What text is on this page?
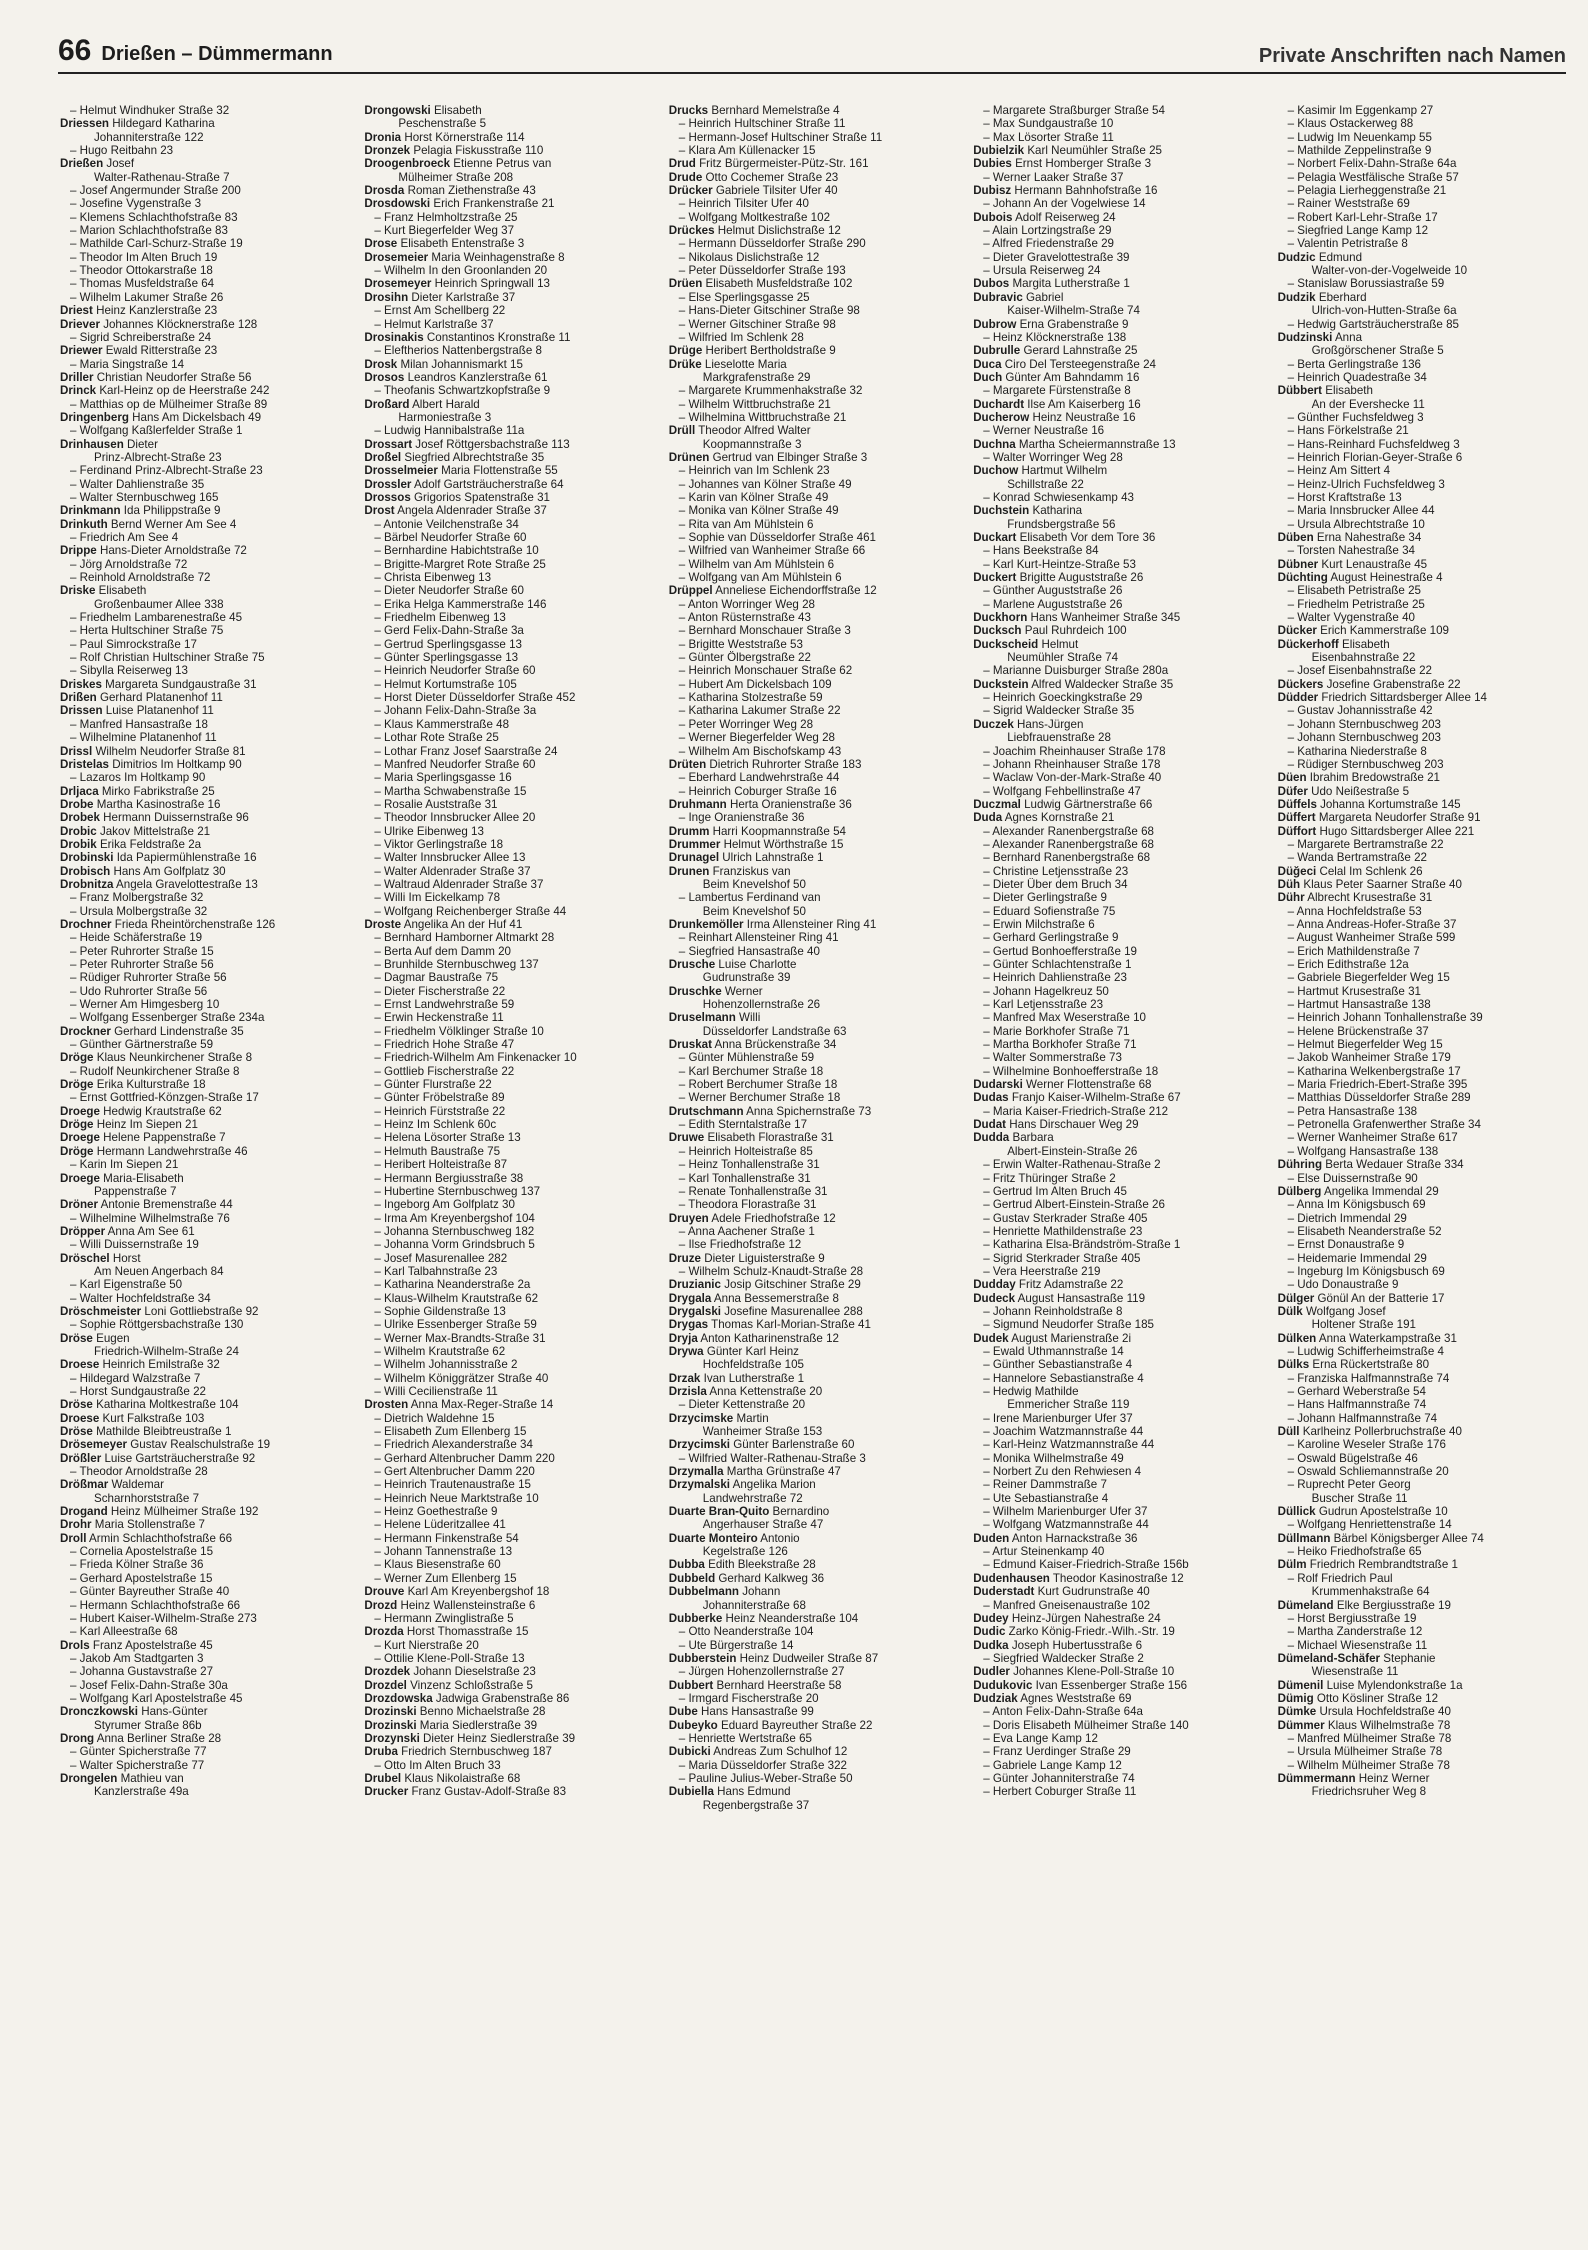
66 Drießen – Dümmermann	Private Anschriften nach Namen
– Helmut Windhuker Straße 32
Driessen Hildegard Katharina
Johanniterstraße 122
– Hugo Reitbahn 23
Drießen Josef
Walter-Rathenau-Straße 7
– Josef Angermunder Straße 200
– Josefine Vygenstraße 3
– Klemens Schlachthofstraße 83
– Marion Schlachthofstraße 83
– Mathilde Carl-Schurz-Straße 19
– Theodor Im Alten Bruch 19
– Theodor Ottokarstraße 18
– Thomas Musfeldstraße 64
– Wilhelm Lakumer Straße 26
Driest Heinz Kanzlerstraße 23
Driever Johannes Klöcknerstraße 128
– Sigrid Schreiberstraße 24
Driewer Ewald Ritterstraße 23
– Maria Singstraße 14
Driller Christian Neudorfer Straße 56
Drinck Karl-Heinz op de Heerstraße 242
– Matthias op de Mülheimer Straße 89
Dringenberg Hans Am Dickelsbach 49
– Wolfgang Kaßlerfelder Straße 1
Drinhausen Dieter
Prinz-Albrecht-Straße 23
– Ferdinand Prinz-Albrecht-Straße 23
– Walter Dahlienstraße 35
– Walter Sternbuschweg 165
Drinkmann Ida Philippstraße 9
Drinkuth Bernd Werner Am See 4
– Friedrich Am See 4
Drippe Hans-Dieter Arnoldstraße 72
– Jörg Arnoldstraße 72
– Reinhold Arnoldstraße 72
Driske Elisabeth
Großenbaumer Allee 338
– Friedhelm Lambarenestraße 45
– Herta Hultschiner Straße 75
– Paul Simrockstraße 17
– Rolf Christian Hultschiner Straße 75
– Sibylla Reiserweg 13
Driskes Margareta Sundgaustraße 31
Drißen Gerhard Platanenhof 11
Drissen Luise Platanenhof 11
– Manfred Hansastraße 18
– Wilhelmine Platanenhof 11
Drissl Wilhelm Neudorfer Straße 81
Dristelas Dimitrios Im Holtkamp 90
– Lazaros Im Holtkamp 90
Drljaca Mirko Fabrikstraße 25
Drobe Martha Kasinostraße 16
Drobek Hermann Duissernstraße 96
Drobic Jakov Mittelstraße 21
Drobik Erika Feldstraße 2a
Drobinski Ida Papiermühlenstraße 16
Drobisch Hans Am Golfplatz 30
Drobnitza Angela Gravelottestraße 13
– Franz Molbergstraße 32
– Ursula Molbergstraße 32
Drochner Frieda Rheintörchenstraße 126
– Heide Schäferstraße 19
– Peter Ruhrorter Straße 15
– Peter Ruhrorter Straße 56
– Rüdiger Ruhrorter Straße 56
– Udo Ruhrorter Straße 56
– Werner Am Himgesberg 10
– Wolfgang Essenberger Straße 234a
Drockner Gerhard Lindenstraße 35
– Günther Gärtnerstraße 59
Dröge Klaus Neunkirchener Straße 8
– Rudolf Neunkirchener Straße 8
Dröge Erika Kulturstraße 18
– Ernst Gottfried-Könzgen-Straße 17
Droege Hedwig Krautstraße 62
Dröge Heinz Im Siepen 21
Droege Helene Pappenstraße 7
Dröge Hermann Landwehrstraße 46
– Karin Im Siepen 21
Droege Maria-Elisabeth
Pappenstraße 7
Dröner Antonie Bremenstraße 44
– Wilhelmine Wilhelmstraße 76
Dröpper Anna Am See 61
– Willi Duissernstraße 19
Dröschel Horst
Am Neuen Angerbach 84
– Karl Eigenstraße 50
– Walter Hochfeldstraße 34
Dröschmeister Loni Gottliebstraße 92
– Sophie Röttgersbachstraße 130
Dröse Eugen
Friedrich-Wilhelm-Straße 24
Droese Heinrich Emilstraße 32
– Hildegard Walzstraße 7
– Horst Sundgaustraße 22
Dröse Katharina Moltkestraße 104
Droese Kurt Falkstraße 103
Dröse Mathilde Bleibtreustraße 1
Drösemeyer Gustav Realschulstraße 19
Drößler Luise Gartsträucherstraße 92
– Theodor Arnoldstraße 28
Drößmar Waldemar
Scharnhorststraße 7
Drogand Heinz Mülheimer Straße 192
Drohr Maria Stollenstraße 7
Droll Armin Schlachthofstraße 66
– Cornelia Apostelstraße 15
– Frieda Kölner Straße 36
– Gerhard Apostelstraße 15
– Günter Bayreuther Straße 40
– Hermann Schlachthofstraße 66
– Hubert Kaiser-Wilhelm-Straße 273
– Karl Alleestraße 68
Drols Franz Apostelstraße 45
– Jakob Am Stadtgarten 3
– Johanna Gustavstraße 27
– Josef Felix-Dahn-Straße 30a
– Wolfgang Karl Apostelstraße 45
Dronczkowski Hans-Günter
Styrumer Straße 86b
Drong Anna Berliner Straße 28
– Günter Spicherstraße 77
– Walter Spicherstraße 77
Drongelen Mathieu van
Kanzlerstraße 49a
Drongowski Elisabeth
Peschenstraße 5
Dronia Horst Körnerstraße 114
Dronzek Pelagia Fiskusstraße 110
Droogenbroeck Etienne Petrus van
Mülheimer Straße 208
Drosda Roman Ziethenstraße 43
Drosdowski Erich Frankenstraße 21
– Franz Helmholtzstraße 25
– Kurt Biegerfelder Weg 37
Drose Elisabeth Entenstraße 3
Drosemeier Maria Weinhagenstraße 8
– Wilhelm In den Groonlanden 20
Drosemeyer Heinrich Springwall 13
Drosihn Dieter Karlstraße 37
– Ernst Am Schellberg 22
– Helmut Karlstraße 37
Drosinakis Constantinos Kronstraße 11
– Eleftherios Nattenbergstraße 8
Drosk Milan Johannismarkt 15
Drosos Leandros Kanzlerstraße 61
– Theofanis Schwartzkopfstraße 9
Droßard Albert Harald
Harmoniestraße 3
– Ludwig Hannibalstraße 11a
Drossart Josef Röttgersbachstraße 113
Droßel Siegfried Albrechtstraße 35
Drosselmeier Maria Flottenstraße 55
Drossler Adolf Gartsträucherstraße 64
Drossos Grigorios Spatenstraße 31
Drost Angela Aldenrader Straße 37
– Antonie Veilchenstraße 34
– Bärbel Neudorfer Straße 60
– Bernhardine Habichtstraße 10
– Brigitte-Margret Rote Straße 25
– Christa Eibenweg 13
– Dieter Neudorfer Straße 60
– Erika Helga Kammerstraße 146
– Friedhelm Eibenweg 13
– Gerd Felix-Dahn-Straße 3a
– Gertrud Sperlingsgasse 13
– Günter Sperlingsgasse 13
– Heinrich Neudorfer Straße 60
– Helmut Kortumstraße 105
– Horst Dieter Düsseldorfer Straße 452
– Johann Felix-Dahn-Straße 3a
– Klaus Kammerstraße 48
– Lothar Rote Straße 25
– Lothar Franz Josef Saarstraße 24
– Manfred Neudorfer Straße 60
– Maria Sperlingsgasse 16
– Martha Schwabenstraße 15
– Rosalie Auststraße 31
– Theodor Innsbrucker Allee 20
– Ulrike Eibenweg 13
– Viktor Gerlingstraße 18
– Walter Innsbrucker Allee 13
– Walter Aldenrader Straße 37
– Waltraud Aldenrader Straße 37
– Willi Im Eickelkamp 78
– Wolfgang Reichenberger Straße 44
Droste Angelika An der Huf 41
– Bernhard Hamborner Altmarkt 28
– Berta Auf dem Damm 20
– Brunhilde Sternbuschweg 137
– Dagmar Baustraße 75
– Dieter Fischerstraße 22
– Ernst Landwehrstraße 59
– Erwin Heckenstraße 11
– Friedhelm Völklinger Straße 10
– Friedrich Hohe Straße 47
– Friedrich-Wilhelm Am Finkenacker 10
– Gottlieb Fischerstraße 22
– Günter Flurstraße 22
– Günter Fröbelstraße 89
– Heinrich Fürststraße 22
– Heinz Im Schlenk 60c
– Helena Lösorter Straße 13
– Helmuth Baustraße 75
– Heribert Holteistraße 87
– Hermann Bergiusstraße 38
– Hubertine Sternbuschweg 137
– Ingeborg Am Golfplatz 30
– Irma Am Kreyenbergshof 104
– Johanna Sternbuschweg 182
– Johanna Vorm Grindsbruch 5
– Josef Masurenallee 282
– Karl Talbahnstraße 23
– Katharina Neanderstraße 2a
– Klaus-Wilhelm Krautstraße 62
– Sophie Gildenstraße 13
– Ulrike Essenberger Straße 59
– Werner Max-Brandts-Straße 31
– Wilhelm Krautstraße 62
– Wilhelm Johannisstraße 2
– Wilhelm Königgrätzer Straße 40
– Willi Cecilienstraße 11
Drosten Anna Max-Reger-Straße 14
– Dietrich Waldehne 15
– Elisabeth Zum Ellenberg 15
– Friedrich Alexanderstraße 34
– Gerhard Altenbrucher Damm 220
– Gert Altenbrucher Damm 220
– Heinrich Trautenaustraße 15
– Heinrich Neue Marktstraße 10
– Heinz Goethestraße 9
– Helene Lüderitzallee 41
– Hermann Finkenstraße 54
– Johann Tannenstraße 13
– Klaus Biesenstraße 60
– Werner Zum Ellenberg 15
Drouve Karl Am Kreyenbergshof 18
Drozd Heinz Wallensteinstraße 6
– Hermann Zwinglistraße 5
Drozda Horst Thomasstraße 15
– Kurt Nierstraße 20
– Ottilie Klene-Poll-Straße 13
Drozdek Johann Dieselstraße 23
Drozdel Vinzenz Schloßstraße 5
Drozdowska Jadwiga Grabenstraße 86
Drozinski Benno Michaelstraße 28
Drozinski Maria Siedlerstraße 39
Drozynski Dieter Heinz Siedlerstraße 39
Druba Friedrich Sternbuschweg 187
– Otto Im Alten Bruch 33
Drubel Klaus Nikolaistraße 68
Drucker Franz Gustav-Adolf-Straße 83
Drucks Bernhard Memelstraße 4
– Heinrich Hultschiner Straße 11
– Hermann-Josef Hultschiner Straße 11
– Klara Am Küllenacker 15
Drud Fritz Bürgermeister-Pütz-Str. 161
Drude Otto Cochemer Straße 23
Drücker Gabriele Tilsiter Ufer 40
– Heinrich Tilsiter Ufer 40
– Wolfgang Moltkestraße 102
Drückes Helmut Dislichstraße 12
– Hermann Düsseldorfer Straße 290
– Nikolaus Dislichstraße 12
– Peter Düsseldorfer Straße 193
Drüen Elisabeth Musfeldstraße 102
– Else Sperlingsgasse 25
– Hans-Dieter Gitschiner Straße 98
– Werner Gitschiner Straße 98
– Wilfried Im Schlenk 28
Drüge Heribert Bertholdstraße 9
Drüke Lieselotte Maria
Markgrafenstraße 29
– Margarete Krummenhakstraße 32
– Wilhelm Wittbruchstraße 21
– Wilhelmina Wittbruchstraße 21
Drüll Theodor Alfred Walter
Koopmannstraße 3
Drünen Gertrud van Elbinger Straße 3
– Heinrich van Im Schlenk 23
– Johannes van Kölner Straße 49
– Karin van Kölner Straße 49
– Monika van Kölner Straße 49
– Rita van Am Mühlstein 6
– Sophie van Düsseldorfer Straße 461
– Wilfried van Wanheimer Straße 66
– Wilhelm van Am Mühlstein 6
– Wolfgang van Am Mühlstein 6
Drüppel Anneliese Eichendorffstraße 12
– Anton Worringer Weg 28
– Anton Rüsternstraße 43
– Bernhard Monschauer Straße 3
– Brigitte Weststraße 53
– Günter Ölbergstraße 22
– Heinrich Monschauer Straße 62
– Hubert Am Dickelsbach 109
– Katharina Stolzestraße 59
– Katharina Lakumer Straße 22
– Peter Worringer Weg 28
– Werner Biegerfelder Weg 28
– Wilhelm Am Bischofskamp 43
Drüten Dietrich Ruhrorter Straße 183
– Eberhard Landwehrstraße 44
– Heinrich Coburger Straße 16
Druhmann Herta Oranienstraße 36
– Inge Oranienstraße 36
Drumm Harri Koopmannstraße 54
Drummer Helmut Wörthstraße 15
Drunagel Ulrich Lahnstraße 1
Drunen Franziskus van
Beim Knevelshof 50
– Lambertus Ferdinand van
Beim Knevelshof 50
Drunkemöller Irma Allensteiner Ring 41
– Reinhart Allensteiner Ring 41
– Siegfried Hansastraße 40
Drusche Luise Charlotte
Gudrunstraße 39
Druschke Werner
Hohenzollernstraße 26
Druselmann Willi
Düsseldorfer Landstraße 63
Druskat Anna Brückenstraße 34
– Günter Mühlenstraße 59
– Karl Berchumer Straße 18
– Robert Berchumer Straße 18
– Werner Berchumer Straße 18
Drutschmann Anna Spichernstraße 73
– Edith Sterntalstraße 17
Druwe Elisabeth Florastraße 31
– Heinrich Holteistraße 85
– Heinz Tonhallenstraße 31
– Karl Tonhallenstraße 31
– Renate Tonhallenstraße 31
– Theodora Florastraße 31
Druyen Adele Friedhofstraße 12
– Anna Aachener Straße 1
– Ilse Friedhofstraße 12
Druze Dieter Liguisterstraße 9
– Wilhelm Schulz-Knaudt-Straße 28
Druzianic Josip Gitschiner Straße 29
Drygala Anna Bessemerstraße 8
Drygalski Josefine Masurenallee 288
Drygas Thomas Karl-Morian-Straße 41
Dryja Anton Katharinenstraße 12
Drywa Günter Karl Heinz
Hochfeldstraße 105
Drzak Ivan Lutherstraße 1
Drzisla Anna Kettenstraße 20
– Dieter Kettenstraße 20
Drzycimske Martin
Wanheimer Straße 153
Drzycimski Günter Barlenstraße 60
– Wilfried Walter-Rathenau-Straße 3
Drzymalla Martha Grünstraße 47
Drzymalski Angelika Marion
Landwehrstraße 72
Duarte Bran-Quito Bernardino
Angerhauser Straße 47
Duarte Monteiro Antonio
Kegelstraße 126
Dubba Edith Bleekstraße 28
Dubbeld Gerhard Kalkweg 36
Dubbelmann Johann
Johanniterstraße 68
Dubberke Heinz Neanderstraße 104
– Otto Neanderstraße 104
– Ute Bürgerstraße 14
Dubberstein Heinz Dudweiler Straße 87
– Jürgen Hohenzollernstraße 27
Dubbert Bernhard Heerstraße 58
– Irmgard Fischerstraße 20
Dube Hans Hansastraße 99
Dubeyko Eduard Bayreuther Straße 22
– Henriette Wertstraße 65
Dubicki Andreas Zum Schulhof 12
– Maria Düsseldorfer Straße 322
– Pauline Julius-Weber-Straße 50
Dubiella Hans Edmund
Regenbergstraße 37
– Margarete Straßburger Straße 54
– Max Sundgaustraße 10
– Max Lösorter Straße 11
Dubielzik Karl Neumühler Straße 25
Dubies Ernst Homberger Straße 3
– Werner Laaker Straße 37
Dubisz Hermann Bahnhofstraße 16
– Johann An der Vogelwiese 14
Dubois Adolf Reiserweg 24
– Alain Lortzingstraße 29
– Alfred Friedenstraße 29
– Dieter Gravelottestraße 39
– Ursula Reiserweg 24
Dubos Margita Lutherstraße 1
Dubravic Gabriel
Kaiser-Wilhelm-Straße 74
Dubrow Erna Grabenstraße 9
– Heinz Klöcknerstraße 138
Dubrulle Gerard Lahnstraße 25
Duca Ciro Del Tersteegenstraße 24
Duch Günter Am Bahndamm 16
– Margarete Fürstenstraße 8
Duchardt Ilse Am Kaiserberg 16
Ducherow Heinz Neustraße 16
– Werner Neustraße 16
Duchna Martha Scheiermannstraße 13
– Walter Worringer Weg 28
Duchow Hartmut Wilhelm
Schillstraße 22
– Konrad Schwiesenkamp 43
Duchstein Katharina
Frundsbergstraße 56
Duckart Elisabeth Vor dem Tore 36
– Hans Beekstraße 84
– Karl Kurt-Heintze-Straße 53
Duckert Brigitte Auguststraße 26
– Günther Auguststraße 26
– Marlene Auguststraße 26
Duckhorn Hans Wanheimer Straße 345
Ducksch Paul Ruhrdeich 100
Duckscheid Helmut
Neumühler Straße 74
– Marianne Duisburger Straße 280a
Duckstein Alfred Waldecker Straße 35
– Heinrich Goeckingkstraße 29
– Sigrid Waldecker Straße 35
Duczek Hans-Jürgen
Liebfrauenstraße 28
– Joachim Rheinhauser Straße 178
– Johann Rheinhauser Straße 178
– Waclaw Von-der-Mark-Straße 40
– Wolfgang Fehbellinstraße 47
Duczmal Ludwig Gärtnerstraße 66
Duda Agnes Kornstraße 21
– Alexander Ranenbergstraße 68
– Alexander Ranenbergstraße 68
– Bernhard Ranenbergstraße 68
– Christine Letjensstraße 23
– Dieter Über dem Bruch 34
– Dieter Gerlingstraße 9
– Eduard Sofienstraße 75
– Erwin Milchstraße 6
– Gerhard Gerlingstraße 9
– Gertud Bonhoefferstraße 19
– Günter Schlachtenstraße 1
– Heinrich Dahlienstraße 23
– Johann Hagelkreuz 50
– Karl Letjensstraße 23
– Manfred Max Weserstraße 10
– Marie Borkhofer Straße 71
– Martha Borkhofer Straße 71
– Walter Sommerstraße 73
– Wilhelmine Bonhoefferstraße 18
Dudarski Werner Flottenstraße 68
Dudas Franjo Kaiser-Wilhelm-Straße 67
– Maria Kaiser-Friedrich-Straße 212
Dudat Hans Dirschauer Weg 29
Dudda Barbara
Albert-Einstein-Straße 26
– Erwin Walter-Rathenau-Straße 2
– Fritz Thüringer Straße 2
– Gertrud Im Alten Bruch 45
– Gertrud Albert-Einstein-Straße 26
– Gustav Sterkrader Straße 405
– Henriette Mathildenstraße 23
– Katharina Elsa-Brändström-Straße 1
– Sigrid Sterkrader Straße 405
– Vera Heerstraße 219
Dudday Fritz Adamstraße 22
Dudeck August Hansastraße 119
– Johann Reinholdstraße 8
– Sigmund Neudorfer Straße 185
Dudek August Marienstraße 2i
– Ewald Uthmannstraße 14
– Günther Sebastianstraße 4
– Hannelore Sebastianstraße 4
– Hedwig Mathilde
Emmericher Straße 119
– Irene Marienburger Ufer 37
– Joachim Watzmannstraße 44
– Karl-Heinz Watzmannstraße 44
– Monika Wilhelmstraße 49
– Norbert Zu den Rehwiesen 4
– Reiner Dammstraße 7
– Ute Sebastianstraße 4
– Wilhelm Marienburger Ufer 37
– Wolfgang Watzmannstraße 44
Duden Anton Harnackstraße 36
– Artur Steinenkamp 40
– Edmund Kaiser-Friedrich-Straße 156b
Dudenhausen Theodor Kasinostraße 12
Duderstadt Kurt Gudrunstraße 40
– Manfred Gneisenaustraße 102
Dudey Heinz-Jürgen Nahestraße 24
Dudic Zarko König-Friedr.-Wilh.-Str. 19
Dudka Joseph Hubertusstraße 6
– Siegfried Waldecker Straße 2
Dudler Johannes Klene-Poll-Straße 10
Dudukovic Ivan Essenberger Straße 156
Dudziak Agnes Weststraße 69
– Anton Felix-Dahn-Straße 64a
– Doris Elisabeth Mülheimer Straße 140
– Eva Lange Kamp 12
– Franz Uerdinger Straße 29
– Gabriele Lange Kamp 12
– Günter Johanniterstraße 74
– Herbert Coburger Straße 11
– Kasimir Im Eggenkamp 27
– Klaus Ostackerweg 88
– Ludwig Im Neuenkamp 55
– Mathilde Zeppelinstraße 9
– Norbert Felix-Dahn-Straße 64a
– Pelagia Westfälische Straße 57
– Pelagia Lierheggenstraße 21
– Rainer Weststraße 69
– Robert Karl-Lehr-Straße 17
– Siegfried Lange Kamp 12
– Valentin Petristraße 8
Dudzic Edmund
Walter-von-der-Vogelweide 10
– Stanislaw Borussiastraße 59
Dudzik Eberhard
Ulrich-von-Hutten-Straße 6a
– Hedwig Gartsträucherstraße 85
Dudzinski Anna
Großgörschener Straße 5
– Berta Gerlingstraße 136
– Heinrich Quadestraße 34
Dübbert Elisabeth
An der Evershecke 11
– Günther Fuchsfeldweg 3
– Hans Förkelstraße 21
– Hans-Reinhard Fuchsfeldweg 3
– Heinrich Florian-Geyer-Straße 6
– Heinz Am Sittert 4
– Heinz-Ulrich Fuchsfeldweg 3
– Horst Kraftstraße 13
– Maria Innsbrucker Allee 44
– Ursula Albrechtstraße 10
Düben Erna Nahestraße 34
– Torsten Nahestraße 34
Dübner Kurt Lenaustraße 45
Düchting August Heinestraße 4
– Elisabeth Petristraße 25
– Friedhelm Petristraße 25
– Walter Vygenstraße 40
Dücker Erich Kammerstraße 109
Dückerhoff Elisabeth
Eisenbahnstraße 22
– Josef Eisenbahnstraße 22
Dückers Josefine Grabenstraße 22
Düdder Friedrich Sittardsberger Allee 14
– Gustav Johannisstraße 42
– Johann Sternbuschweg 203
– Johann Sternbuschweg 203
– Katharina Niederstraße 8
– Rüdiger Sternbuschweg 203
Düen Ibrahim Bredowstraße 21
Düfer Udo Neißestraße 5
Düffels Johanna Kortumstraße 145
Düffert Margareta Neudorfer Straße 91
Düffort Hugo Sittardsberger Allee 221
– Margarete Bertramstraße 22
– Wanda Bertramstraße 22
Düğeci Celal Im Schlenk 26
Düh Klaus Peter Saarner Straße 40
Dühr Albrecht Krusestraße 31
– Anna Hochfeldstraße 53
– Anna Andreas-Hofer-Straße 37
– August Wanheimer Straße 599
– Erich Mathildenstraße 7
– Erich Edithstraße 12a
– Gabriele Biegerfelder Weg 15
– Hartmut Krusestraße 31
– Hartmut Hansastraße 138
– Heinrich Johann Tonhallenstraße 39
– Helene Brückenstraße 37
– Helmut Biegerfelder Weg 15
– Jakob Wanheimer Straße 179
– Katharina Welkenbergstraße 17
– Maria Friedrich-Ebert-Straße 395
– Matthias Düsseldorfer Straße 289
– Petra Hansastraße 138
– Petronella Grafenwerther Straße 34
– Werner Wanheimer Straße 617
– Wolfgang Hansastraße 138
Dühring Berta Wedauer Straße 334
– Else Duissernstraße 90
Dülberg Angelika Immendal 29
– Anna Im Königsbusch 69
– Dietrich Immendal 29
– Elisabeth Neanderstraße 52
– Ernst Donaustraße 9
– Heidemarie Immendal 29
– Ingeburg Im Königsbusch 69
– Udo Donaustraße 9
Dülger Gönül An der Batterie 17
Dülk Wolfgang Josef
Holtener Straße 191
Dülken Anna Waterkampstraße 31
– Ludwig Schifferheimstraße 4
Dülks Erna Rückertstraße 80
– Franziska Halfmannstraße 74
– Gerhard Weberstraße 54
– Hans Halfmannstraße 74
– Johann Halfmannstraße 74
Düll Karlheinz Pollerbruchstraße 40
– Karoline Weseler Straße 176
– Oswald Bügelstraße 46
– Oswald Schliemannstraße 20
– Ruprecht Peter Georg
Buscher Straße 11
Düllick Gudrun Apostelstraße 10
– Wolfgang Henriettenstraße 14
Düllmann Bärbel Königsberger Allee 74
– Heiko Friedhofstraße 65
Dülm Friedrich Rembrandtstraße 1
– Rolf Friedrich Paul
Krummenhakstraße 64
Dümeland Elke Bergiusstraße 19
– Horst Bergiusstraße 19
– Martha Zanderstraße 12
– Michael Wiesenstraße 11
Dümeland-Schäfer Stephanie
Wiesenstraße 11
Dümenil Luise Mylendonkstraße 1a
Dümig Otto Kösliner Straße 12
Dümke Ursula Hochfeldstraße 40
Dümmer Klaus Wilhelmstraße 78
– Manfred Mülheimer Straße 78
– Ursula Mülheimer Straße 78
– Wilhelm Mülheimer Straße 78
Dümmermann Heinz Werner
Friedrichsruher Weg 8
